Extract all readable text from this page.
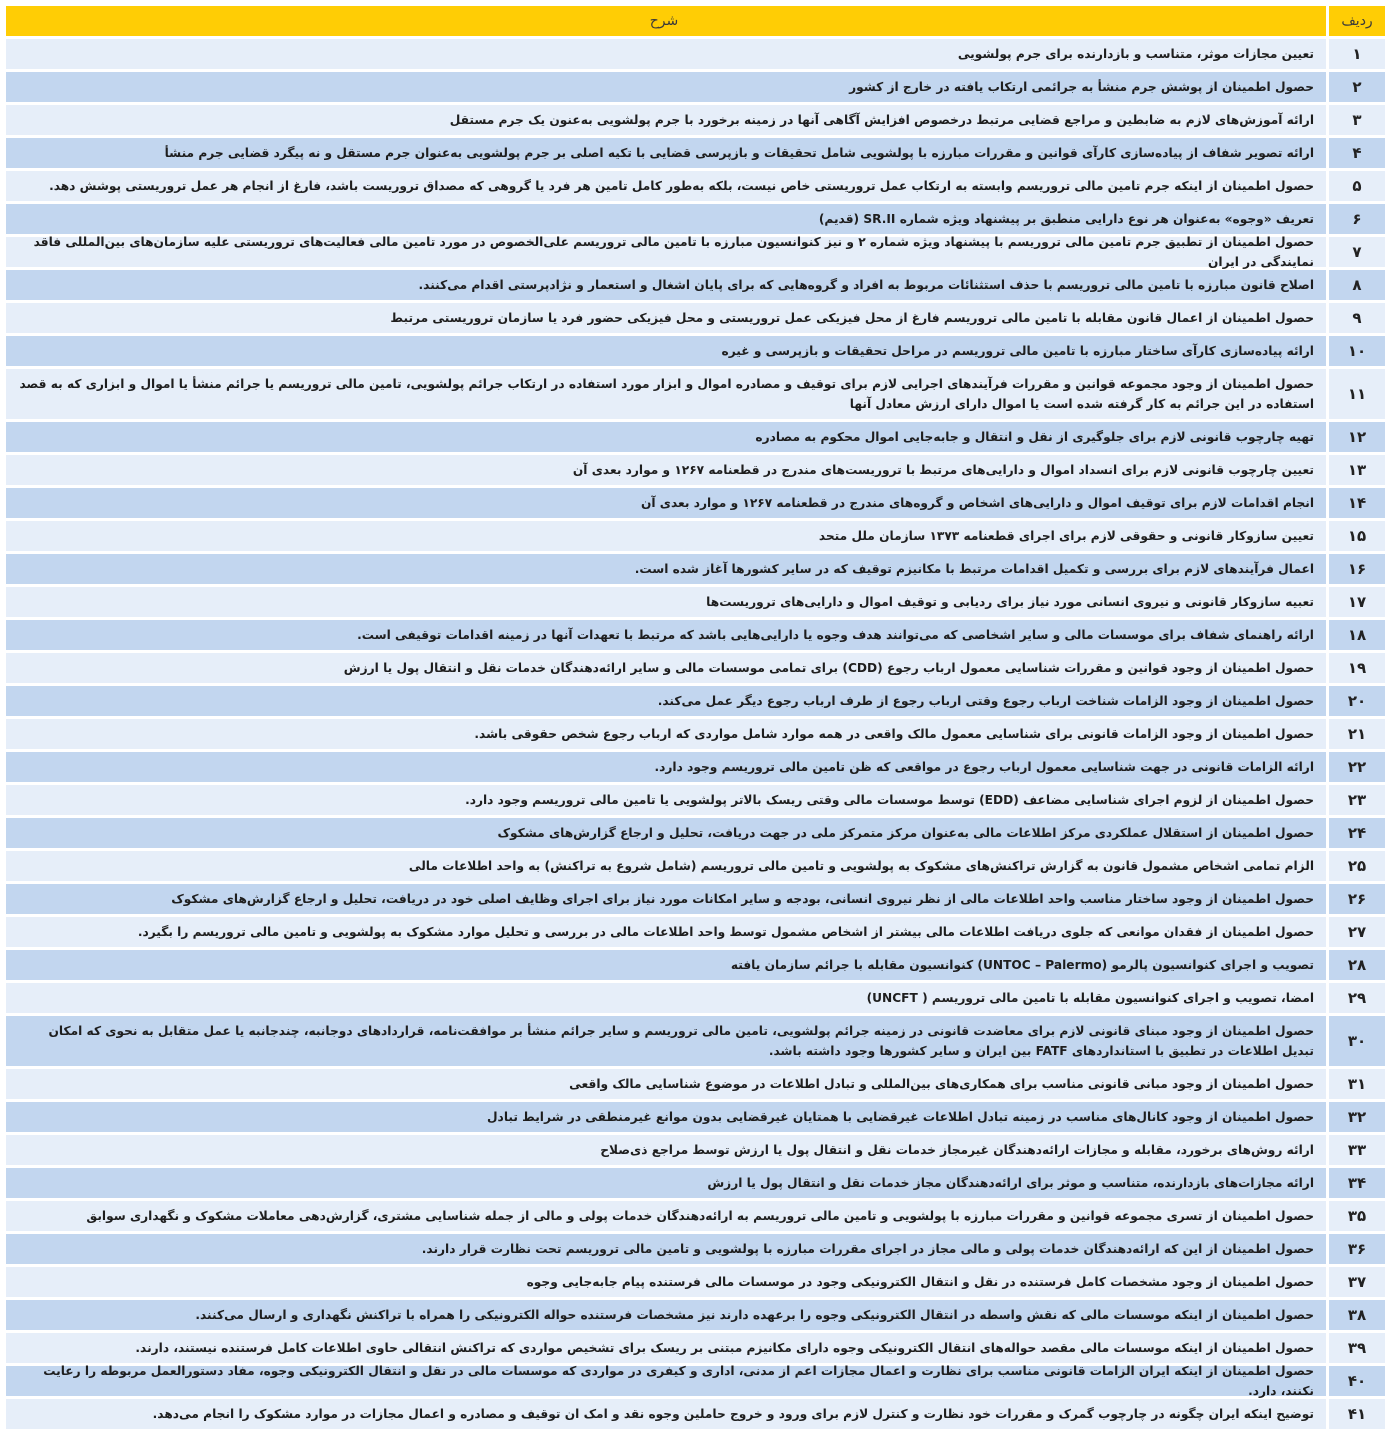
ردیف
شرح
۱
تعیین مجازات موثر، متناسب و بازدارنده برای جرم پولشویی
۲
حصول اطمینان از پوشش جرم منشأ به جرائمی ارتکاب یافته در خارج از کشور
۳
ارائه آموزش‌های لازم به ضابطین و مراجع قضایی مرتبط درخصوص افزایش آگاهی آنها در زمینه برخورد با جرم پولشویی به‌عنون یک جرم مستقل
۴
ارائه تصویر شفاف از پیاده‌سازی کارآی قوانین و مقررات مبارزه با پولشویی شامل تحقیقات و بازپرسی قضایی با تکیه اصلی بر جرم پولشویی به‌عنوان جرم مستقل و نه پیگرد قضایی جرم منشأ
۵
حصول اطمینان از اینکه جرم تامین مالی تروریسم وابسته به ارتکاب عمل تروریستی خاص نیست، بلکه به‌طور کامل تامین هر فرد یا گروهی که مصداق تروریست باشد، فارغ از انجام هر عمل تروریستی پوشش دهد.
۶
تعریف «وجوه» به‌عنوان هر نوع دارایی منطبق بر پیشنهاد ویژه شماره SR.II (قدیم)
۷
حصول اطمینان از تطبیق جرم تامین مالی تروریسم با پیشنهاد ویژه شماره ۲ و نیز کنوانسیون مبارزه با تامین مالی تروریسم علی‌الخصوص در مورد تامین مالی فعالیت‌های تروریستی علیه سازمان‌های بین‌المللی فاقد نمایندگی در ایران
۸
اصلاح قانون مبارزه با تامین مالی تروریسم با حذف استثنائات مربوط به افراد و گروه‌هایی که برای پایان اشغال و استعمار و نژادپرستی اقدام می‌کنند.
۹
حصول اطمینان از اعمال قانون مقابله با تامین مالی تروریسم فارغ از محل فیزیکی عمل تروریستی و محل فیزیکی حضور فرد یا سازمان تروریستی مرتبط
۱۰
ارائه پیاده‌سازی کارآی ساختار مبارزه با تامین مالی تروریسم در مراحل تحقیقات و بازپرسی و غیره
۱۱
حصول اطمینان از وجود مجموعه قوانین و مقررات فرآیندهای اجرایی لازم برای توقیف و مصادره اموال و ابزار مورد استفاده در ارتکاب جرائم پولشویی، تامین مالی تروریسم یا جرائم منشأ یا اموال و ابزاری که به قصد استفاده در این جرائم به کار گرفته شده است یا اموال دارای ارزش معادل آنها
۱۲
تهیه چارچوب قانونی لازم برای جلوگیری از نقل و انتقال و جابه‌جایی اموال محکوم به مصادره
۱۳
تعیین چارچوب قانونی لازم برای انسداد اموال و دارایی‌های مرتبط با تروریست‌های مندرج در قطعنامه ۱۲۶۷ و موارد بعدی آن
۱۴
انجام اقدامات لازم برای توقیف اموال و دارایی‌های اشخاص و گروه‌های مندرج در قطعنامه ۱۲۶۷ و موارد بعدی آن
۱۵
تعیین سازوکار قانونی و حقوقی لازم برای اجرای قطعنامه ۱۳۷۳ سازمان ملل متحد
۱۶
اعمال فرآیندهای لازم برای بررسی و تکمیل اقدامات مرتبط با مکانیزم توقیف که در سایر کشورها آغاز شده است.
۱۷
تعبیه سازوکار قانونی و نیروی انسانی مورد نیاز برای ردیابی و توقیف اموال و دارایی‌های تروریست‌ها
۱۸
ارائه راهنمای شفاف برای موسسات مالی و سایر اشخاصی که می‌توانند هدف وجوه یا دارایی‌هایی باشد که مرتبط با تعهدات آنها در زمینه اقدامات توقیفی است.
۱۹
حصول اطمینان از وجود قوانین و مقررات شناسایی معمول ارباب رجوع (CDD) برای تمامی موسسات مالی و سایر ارائه‌دهندگان خدمات نقل و انتقال پول یا ارزش
۲۰
حصول اطمینان از وجود الزامات شناخت ارباب رجوع وقتی ارباب رجوع از طرف ارباب رجوع دیگر عمل می‌کند.
۲۱
حصول اطمینان از وجود الزامات قانونی برای شناسایی معمول مالک واقعی در همه موارد شامل مواردی که ارباب رجوع شخص حقوقی باشد.
۲۲
ارائه الزامات قانونی در جهت شناسایی معمول ارباب رجوع در مواقعی که ظن تامین مالی تروریسم وجود دارد.
۲۳
حصول اطمینان از لزوم اجرای شناسایی مضاعف (EDD) توسط موسسات مالی وقتی ریسک بالاتر پولشویی یا تامین مالی تروریسم وجود دارد.
۲۴
حصول اطمینان از استقلال عملکردی مرکز اطلاعات مالی به‌عنوان مرکز متمرکز ملی در جهت دریافت، تحلیل و ارجاع گزارش‌های مشکوک
۲۵
الزام تمامی اشخاص مشمول قانون به گزارش تراکنش‌های مشکوک به پولشویی و تامین مالی تروریسم (شامل شروع به تراکنش) به واحد اطلاعات مالی
۲۶
حصول اطمینان از وجود ساختار مناسب واحد اطلاعات مالی از نظر نیروی انسانی، بودجه و سایر امکانات مورد نیاز برای اجرای وظایف اصلی خود در دریافت، تحلیل و ارجاع گزارش‌های مشکوک
۲۷
حصول اطمینان از فقدان موانعی که جلوی دریافت اطلاعات مالی بیشتر از اشخاص مشمول توسط واحد اطلاعات مالی در بررسی و تحلیل موارد مشکوک به پولشویی و تامین مالی تروریسم را بگیرد.
۲۸
تصویب و اجرای کنوانسیون پالرمو (UNTOC – Palermo) کنوانسیون مقابله با جرائم سازمان یافته
۲۹
امضا، تصویب و اجرای کنوانسیون مقابله با تامین مالی تروریسم ( UNCFT)
۳۰
حصول اطمینان از وجود مبنای قانونی لازم برای معاضدت قانونی در زمینه جرائم پولشویی، تامین مالی تروریسم و سایر جرائم منشأ بر موافقت‌نامه، قراردادهای دوجانبه، چندجانبه یا عمل متقابل به نحوی که امکان تبدیل اطلاعات در تطبیق با استانداردهای FATF بین ایران و سایر کشورها وجود داشته باشد.
۳۱
حصول اطمینان از وجود مبانی قانونی مناسب برای همکاری‌های بین‌المللی و تبادل اطلاعات در موضوع شناسایی مالک واقعی
۳۲
حصول اطمینان از وجود کانال‌های مناسب در زمینه تبادل اطلاعات غیرقضایی با همتایان غیرقضایی بدون موانع غیرمنطقی در شرایط تبادل
۳۳
ارائه روش‌های برخورد، مقابله و مجازات ارائه‌دهندگان غیرمجاز خدمات نقل و انتقال پول یا ارزش توسط مراجع ذی‌صلاح
۳۴
ارائه مجازات‌های بازدارنده، متناسب و موثر برای ارائه‌دهندگان مجاز خدمات نقل و انتقال پول یا ارزش
۳۵
حصول اطمینان از تسری مجموعه قوانین و مقررات مبارزه با پولشویی و تامین مالی تروریسم به ارائه‌دهندگان خدمات پولی و مالی از جمله شناسایی مشتری، گزارش‌دهی معاملات مشکوک و نگهداری سوابق
۳۶
حصول اطمینان از این که ارائه‌دهندگان خدمات پولی و مالی مجاز در اجرای مقررات مبارزه با پولشویی و تامین مالی تروریسم تحت نظارت قرار دارند.
۳۷
حصول اطمینان از وجود مشخصات کامل فرستنده در نقل و انتقال الکترونیکی وجود در موسسات مالی فرستنده پیام جابه‌جایی وجوه
۳۸
حصول اطمینان از اینکه موسسات مالی که نقش واسطه در انتقال الکترونیکی وجوه را برعهده دارند نیز مشخصات فرستنده حواله الکترونیکی را همراه با تراکنش نگهداری و ارسال می‌کنند.
۳۹
حصول اطمینان از اینکه موسسات مالی مقصد حواله‌های انتقال الکترونیکی وجوه دارای مکانیزم مبتنی بر ریسک برای تشخیص مواردی که تراکنش انتقالی حاوی اطلاعات کامل فرستنده نیستند، دارند.
۴۰
حصول اطمینان از اینکه ایران الزامات قانونی مناسب برای نظارت و اعمال مجازات اعم از مدنی، اداری و کیفری در مواردی که موسسات مالی در نقل و انتقال الکترونیکی وجوه، مفاد دستورالعمل مربوطه را رعایت نکنند، دارد.
۴۱
توضیح اینکه ایران چگونه در چارچوب گمرک و مقررات خود نظارت و کنترل لازم برای ورود و خروج حاملین وجوه نقد و امک ان توقیف و مصادره و اعمال مجازات در موارد مشکوک را انجام می‌دهد.
